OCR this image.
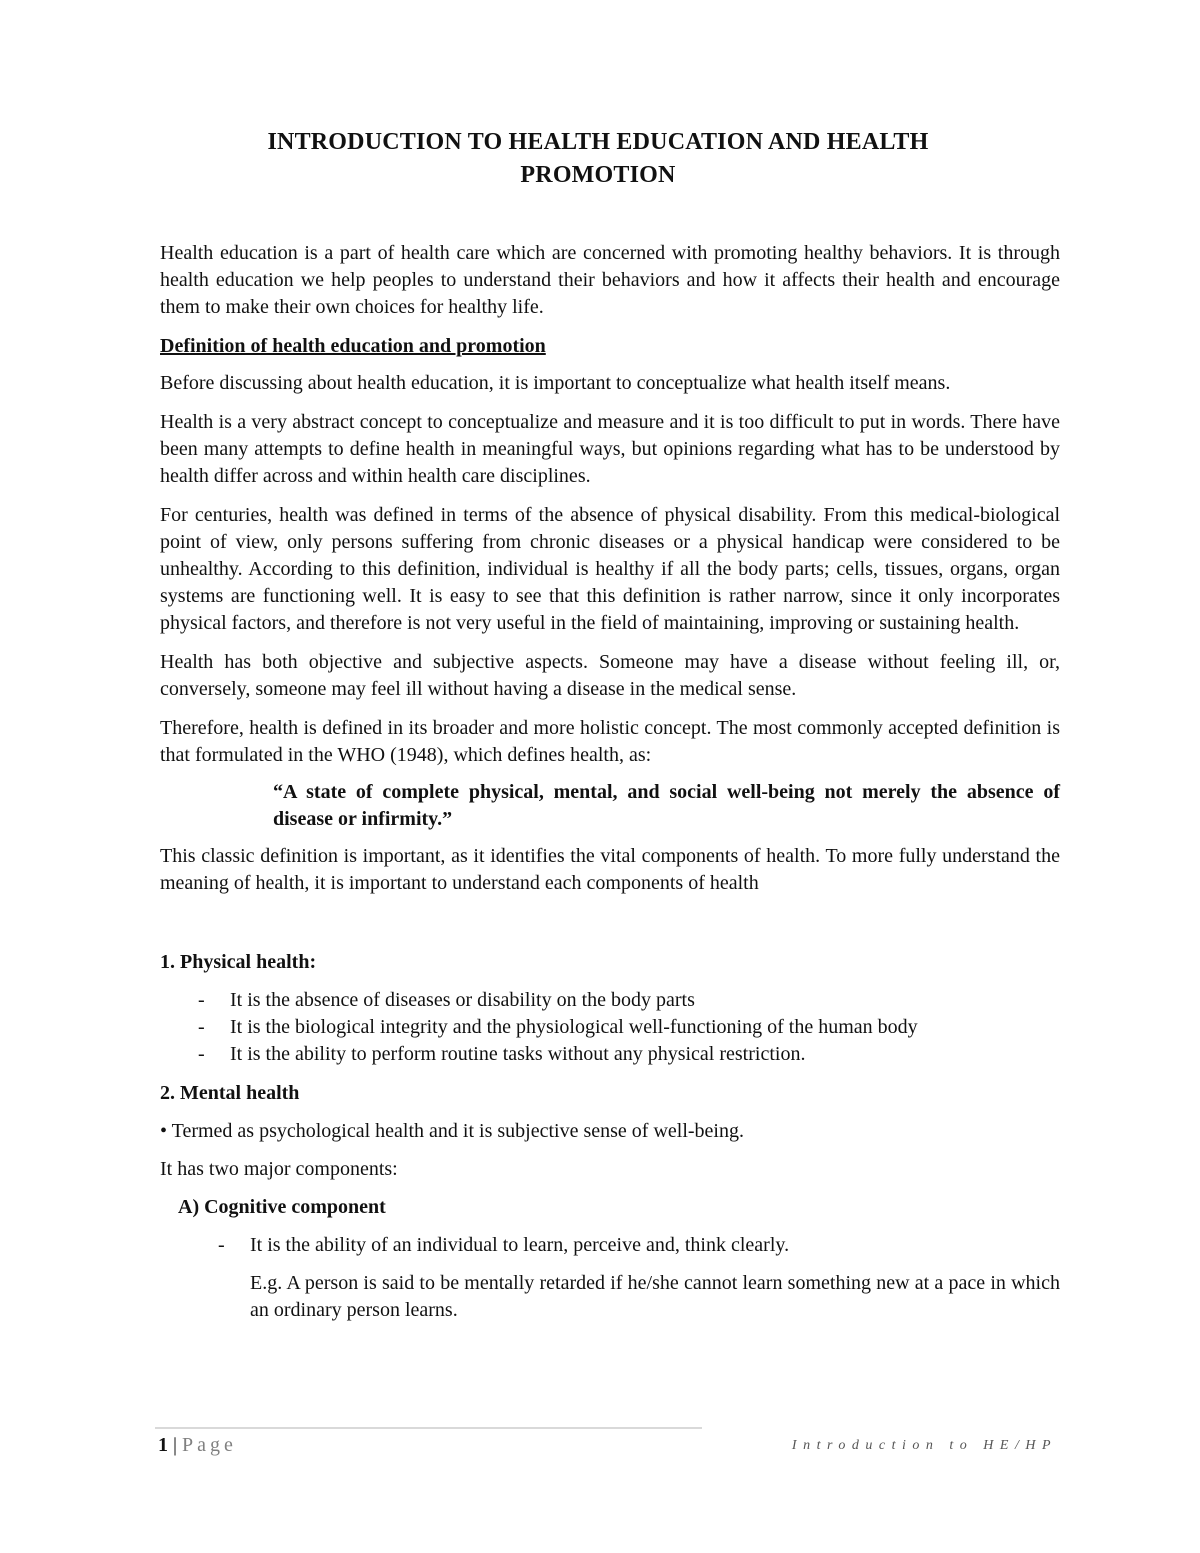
INTRODUCTION TO HEALTH EDUCATION AND HEALTH
PROMOTION

Health education is a part of health care which are concerned with promoting healthy behaviors. It is through health education we help peoples to understand their behaviors and how it affects their health and encourage them to make their own choices for healthy life.

Definition of health education and promotion

Before discussing about health education, it is important to conceptualize what health itself means.

Health is a very abstract concept to conceptualize and measure and it is too difficult to put in words. There have been many attempts to define health in meaningful ways, but opinions regarding what has to be understood by health differ across and within health care disciplines.

For centuries, health was defined in terms of the absence of physical disability. From this medical-biological point of view, only persons suffering from chronic diseases or a physical handicap were considered to be unhealthy. According to this definition, individual is healthy if all the body parts; cells, tissues, organs, organ systems are functioning well. It is easy to see that this definition is rather narrow, since it only incorporates physical factors, and therefore is not very useful in the field of maintaining, improving or sustaining health.

Health has both objective and subjective aspects. Someone may have a disease without feeling ill, or, conversely, someone may feel ill without having a disease in the medical sense.

Therefore, health is defined in its broader and more holistic concept. The most commonly accepted definition is that formulated in the WHO (1948), which defines health, as:

“A state of complete physical, mental, and social well-being not merely the absence of disease or infirmity.”

This classic definition is important, as it identifies the vital components of health. To more fully understand the meaning of health, it is important to understand each components of health

1. Physical health:

- It is the absence of diseases or disability on the body parts
- It is the biological integrity and the physiological well-functioning of the human body
- It is the ability to perform routine tasks without any physical restriction.

2. Mental health

• Termed as psychological health and it is subjective sense of well-being.

It has two major components:

A) Cognitive component

- It is the ability of an individual to learn, perceive and, think clearly.

E.g. A person is said to be mentally retarded if he/she cannot learn something new at a pace in which an ordinary person learns.

1 | Page	Introduction to HE/HP
